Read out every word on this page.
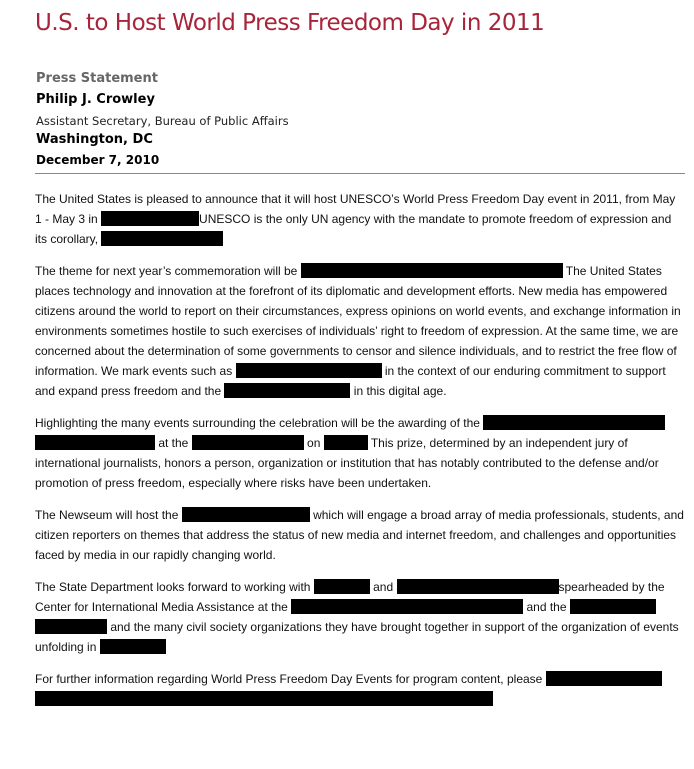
U.S. to Host World Press Freedom Day in 2011
Press Statement
Philip J. Crowley
Assistant Secretary, Bureau of Public Affairs
Washington, DC
December 7, 2010

The United States is pleased to announce that it will host UNESCO’s World Press Freedom Day event in 2011, from May 1 - May 3 in	UNESCO is the only UN agency with the mandate to promote freedom of expression and its corollary,

The theme for next year’s commemoration will be	The United States places technology and innovation at the forefront of its diplomatic and development efforts. New media has empowered citizens around the world to report on their circumstances, express opinions on world events, and exchange information in environments sometimes hostile to such exercises of individuals’ right to freedom of expression. At the same time, we are concerned about the determination of some governments to censor and silence individuals, and to restrict the free flow of information. We mark events such as	in the context of our enduring commitment to support and expand press freedom and the	in this digital age.

Highlighting the many events surrounding the celebration will be the awarding of the   at the	on	This prize, determined by an independent jury of international journalists, honors a person, organization or institution that has notably contributed to the defense and/or promotion of press freedom, especially where risks have been undertaken.

The Newseum will host the	which will engage a broad array of media professionals, students, and citizen reporters on themes that address the status of new media and internet freedom, and challenges and opportunities faced by media in our rapidly changing world.

The State Department looks forward to working with	and	spearheaded by the Center for International Media Assistance at the	and the   and the many civil society organizations they have brought together in support of the organization of events unfolding in

For further information regarding World Press Freedom Day Events for program content, please
